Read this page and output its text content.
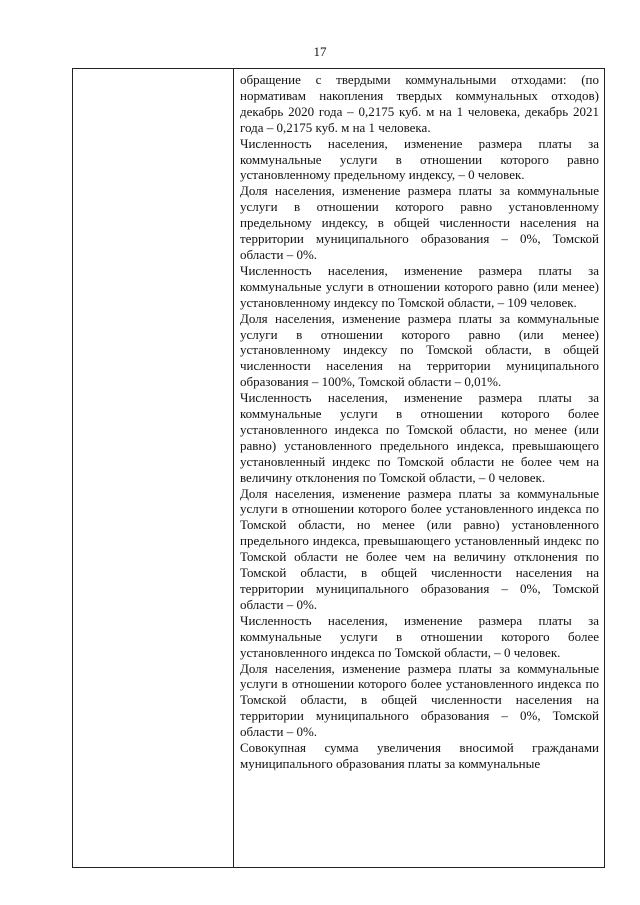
17

обращение с твердыми коммунальными отходами: (по нормативам накопления твердых коммунальных отходов) декабрь 2020 года – 0,2175 куб. м на 1 человека, декабрь 2021 года – 0,2175 куб. м на 1 человека.

Численность населения, изменение размера платы за коммунальные услуги в отношении которого равно установленному предельному индексу, – 0 человек.

Доля населения, изменение размера платы за коммунальные услуги в отношении которого равно установленному предельному индексу, в общей численности населения на территории муниципального образования – 0%, Томской области – 0%.

Численность населения, изменение размера платы за коммунальные услуги в отношении которого равно (или менее) установленному индексу по Томской области, – 109 человек.

Доля населения, изменение размера платы за коммунальные услуги в отношении которого равно (или менее) установленному индексу по Томской области, в общей численности населения на территории муниципального образования – 100%, Томской области – 0,01%.

Численность населения, изменение размера платы за коммунальные услуги в отношении которого более установленного индекса по Томской области, но менее (или равно) установленного предельного индекса, превышающего установленный индекс по Томской области не более чем на величину отклонения по Томской области, – 0 человек.

Доля населения, изменение размера платы за коммунальные услуги в отношении которого более установленного индекса по Томской области, но менее (или равно) установленного предельного индекса, превышающего установленный индекс по Томской области не более чем на величину отклонения по Томской области, в общей численности населения на территории муниципального образования – 0%, Томской области – 0%.

Численность населения, изменение размера платы за коммунальные услуги в отношении которого более установленного индекса по Томской области, – 0 человек.

Доля населения, изменение размера платы за коммунальные услуги в отношении которого более установленного индекса по Томской области, в общей численности населения на территории муниципального образования – 0%, Томской области – 0%.

Совокупная сумма увеличения вносимой гражданами муниципального образования платы за коммунальные
